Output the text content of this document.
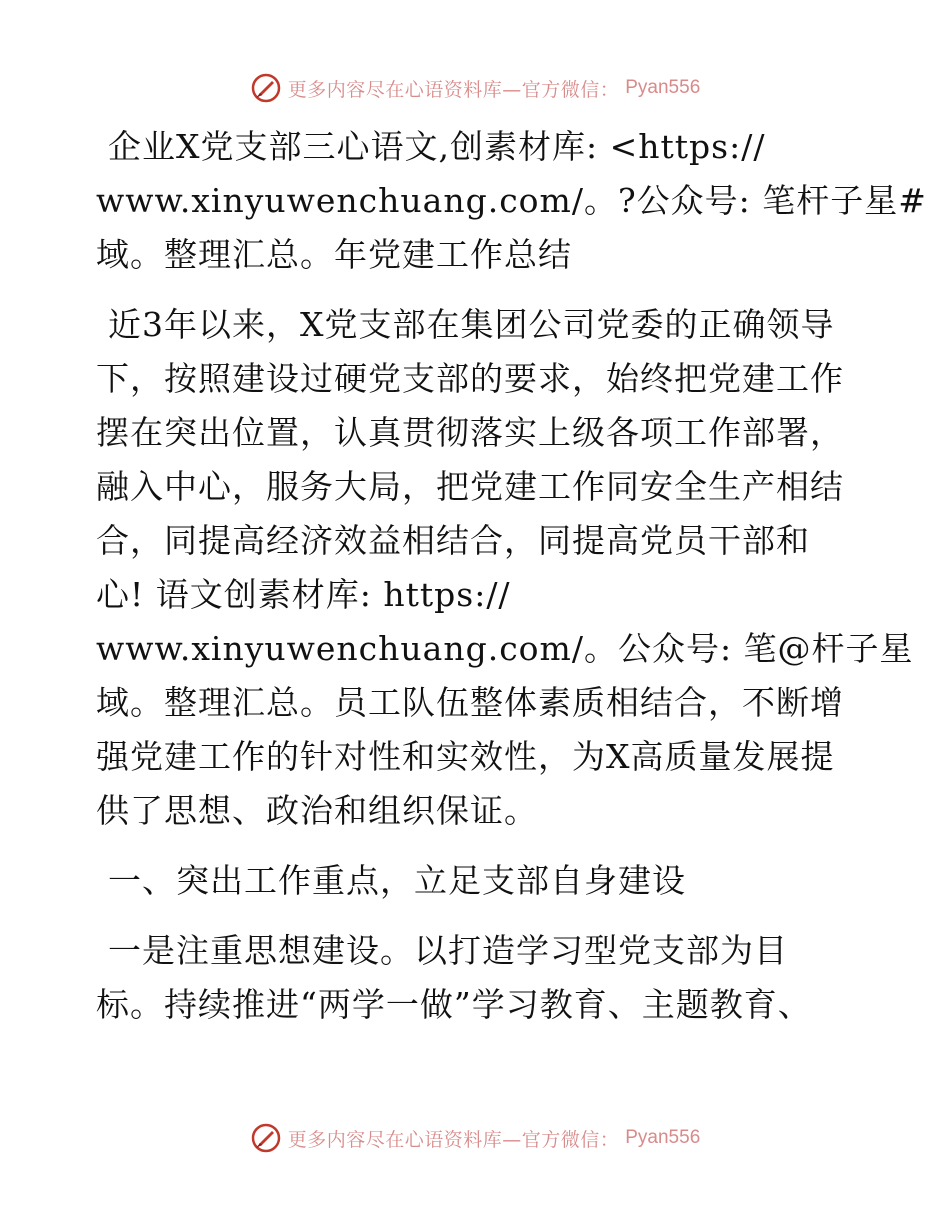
更多内容尽在心语资料库—官方微信： Pyan556
企业X党支部三心语文,创素材库: <https://
www.xinyuwenchuang.com/。?公众号: 笔杆子星#
域。整理汇总。年党建工作总结
近3年以来，X党支部在集团公司党委的正确领导
下，按照建设过硬党支部的要求，始终把党建工作
摆在突出位置，认真贯彻落实上级各项工作部署，
融入中心，服务大局，把党建工作同安全生产相结
合，同提高经济效益相结合，同提高党员干部和
心! 语文创素材库: https://
www.xinyuwenchuang.com/。公众号: 笔@杆子星
域。整理汇总。员工队伍整体素质相结合，不断增
强党建工作的针对性和实效性，为X高质量发展提
供了思想、政治和组织保证。
一、突出工作重点，立足支部自身建设
一是注重思想建设。以打造学习型党支部为目
标。持续推进“两学一做”学习教育、主题教育、
更多内容尽在心语资料库—官方微信： Pyan556
